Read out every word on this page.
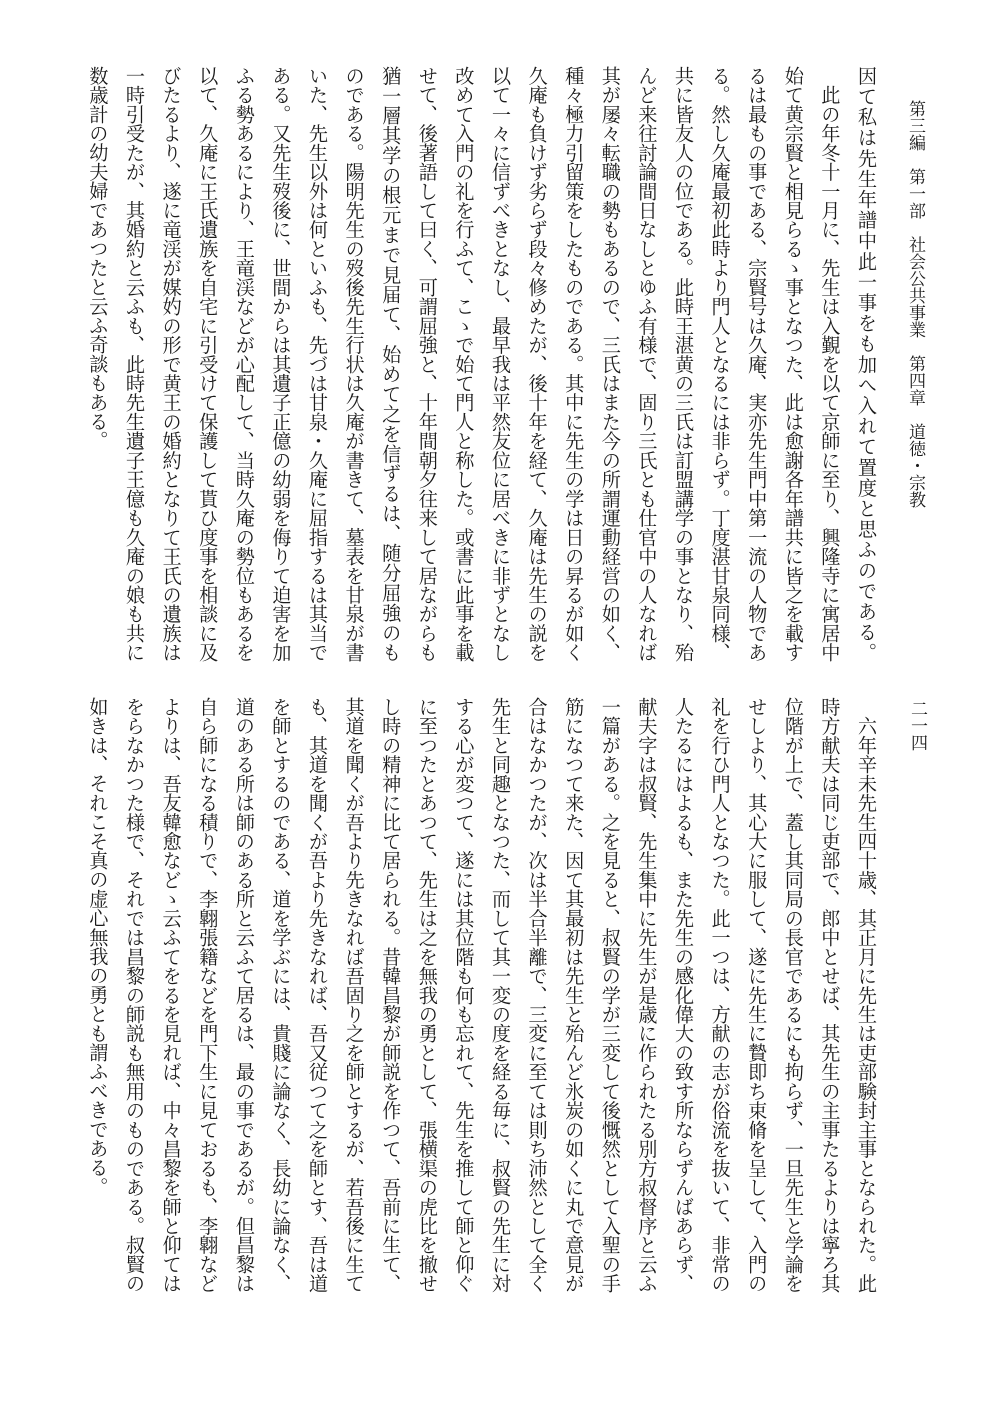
第三編　第一部　社会公共事業　第四章　道徳・宗教
二一四
因て私は先生年譜中此一事をも加へ入れて置度と思ふのである。
　此の年冬十一月に、先生は入覲を以て京師に至り、興隆寺に寓居中
始て黄宗賢と相見らるゝ事となつた、此は愈謝各年譜共に皆之を載す
るは最もの事である、宗賢号は久庵、実亦先生門中第一流の人物であ
る。然し久庵最初此時より門人となるには非らず。丁度湛甘泉同様、
共に皆友人の位である。此時王湛黄の三氏は訂盟講学の事となり、殆
んど来往討論間日なしとゆふ有様で、固り三氏とも仕官中の人なれば
其が屡々転職の勢もあるので、三氏はまた今の所謂運動経営の如く、
種々極力引留策をしたものである。其中に先生の学は日の昇るが如く
久庵も負けず劣らず段々修めたが、後十年を経て、久庵は先生の説を
以て一々に信ずべきとなし、最早我は平然友位に居べきに非ずとなし
改めて入門の礼を行ふて、こゝで始て門人と称した。或書に此事を載
せて、後著語して曰く、可謂屈強と、十年間朝夕往来して居ながらも
猶一層其学の根元まで見届て、始めて之を信ずるは、随分屈強のも
のである。陽明先生の歿後先生行状は久庵が書きて、墓表を甘泉が書
いた、先生以外は何といふも、先づは甘泉・久庵に屈指するは其当で
ある。又先生歿後に、世間からは其遺子正億の幼弱を侮りて迫害を加
ふる勢あるにより、王竜渓などが心配して、当時久庵の勢位もあるを
以て、久庵に王氏遺族を自宅に引受けて保護して貰ひ度事を相談に及
びたるより、遂に竜渓が媒妁の形で黄王の婚約となりて王氏の遺族は
一時引受たが、其婚約と云ふも、此時先生遺子王億も久庵の娘も共に
数歳計の幼夫婦であつたと云ふ奇談もある。
　六年辛未先生四十歳、其正月に先生は吏部験封主事となられた。此
時方献夫は同じ吏部で、郎中とせば、其先生の主事たるよりは寧ろ其
位階が上で、蓋し其同局の長官であるにも拘らず、一旦先生と学論を
せしより、其心大に服して、遂に先生に贄即ち束脩を呈して、入門の
礼を行ひ門人となつた。此一つは、方献の志が俗流を抜いて、非常の
人たるにはよるも、また先生の感化偉大の致す所ならずんばあらず、
献夫字は叔賢、先生集中に先生が是歳に作られたる別方叔督序と云ふ
一篇がある。之を見ると、叔賢の学が三変して後慨然として入聖の手
筋になつて来た、因て其最初は先生と殆んど氷炭の如くに丸で意見が
合はなかつたが、次は半合半離で、三変に至ては則ち沛然として全く
先生と同趣となつた、而して其一変の度を経る毎に、叔賢の先生に対
する心が変つて、遂には其位階も何も忘れて、先生を推して師と仰ぐ
に至つたとあつて、先生は之を無我の勇として、張横渠の虎比を撤せ
し時の精神に比て居られる。昔韓昌黎が師説を作つて、吾前に生て、
其道を聞くが吾より先きなれば吾固り之を師とするが、若吾後に生て
も、其道を聞くが吾より先きなれば、吾又従つて之を師とす、吾は道
を師とするのである、道を学ぶには、貴賤に論なく、長幼に論なく、
道のある所は師のある所と云ふて居るは、最の事であるが。但昌黎は
自ら師になる積りで、李翺張籍などを門下生に見ておるも、李翺など
よりは、吾友韓愈などゝ云ふてをるを見れば、中々昌黎を師と仰ては
をらなかつた様で、それでは昌黎の師説も無用のものである。叔賢の
如きは、それこそ真の虚心無我の勇とも謂ふべきである。
